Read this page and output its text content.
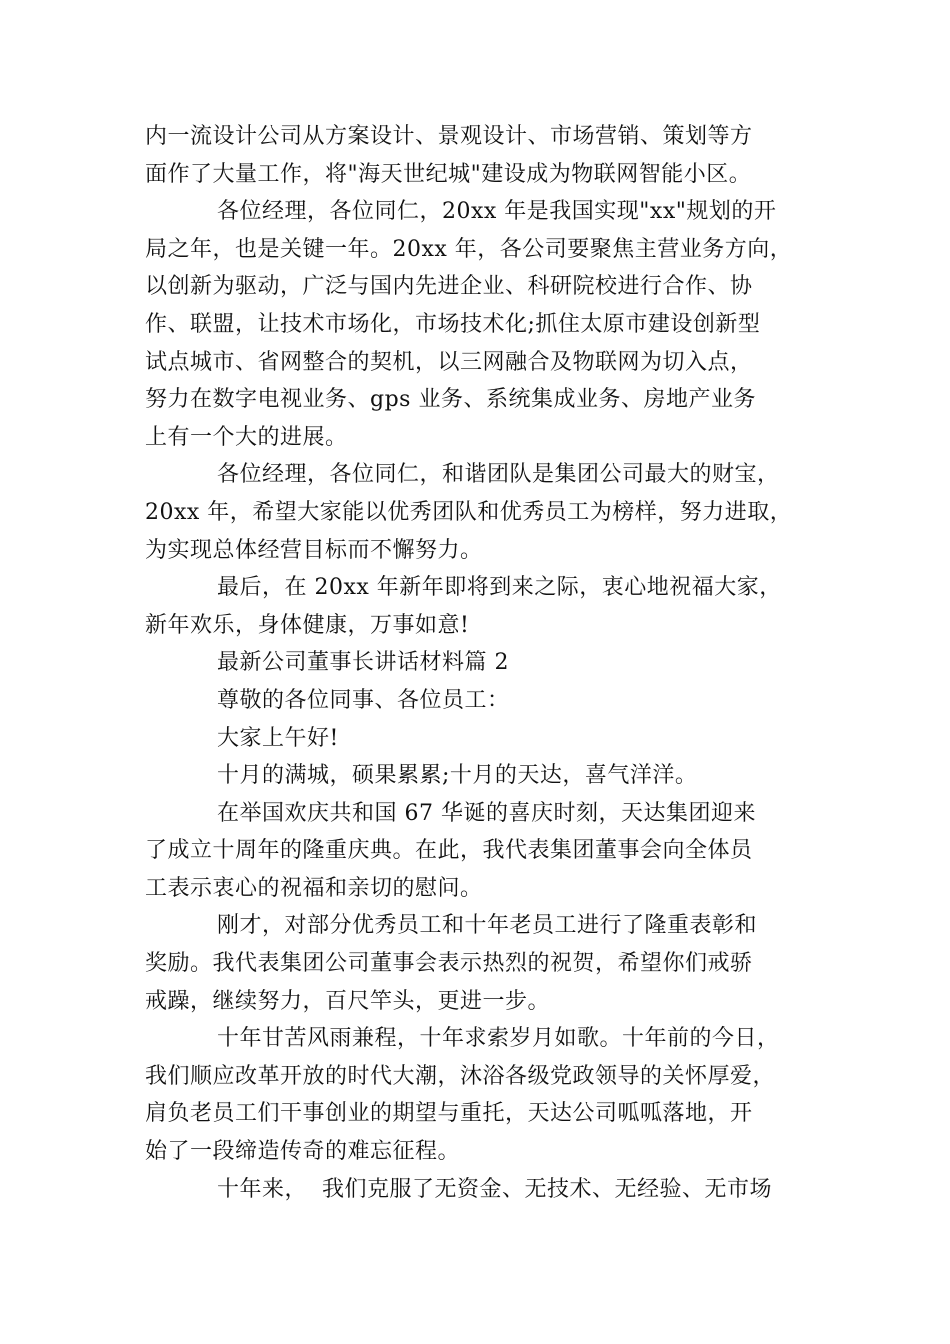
内一流设计公司从方案设计、景观设计、市场营销、策划等方
面作了大量工作，将"海天世纪城"建设成为物联网智能小区。
各位经理，各位同仁，20xx 年是我国实现"xx"规划的开
局之年，也是关键一年。20xx 年，各公司要聚焦主营业务方向，
以创新为驱动，广泛与国内先进企业、科研院校进行合作、协
作、联盟，让技术市场化，市场技术化;抓住太原市建设创新型
试点城市、省网整合的契机，以三网融合及物联网为切入点，
努力在数字电视业务、gps 业务、系统集成业务、房地产业务
上有一个大的进展。
各位经理，各位同仁，和谐团队是集团公司最大的财宝，
20xx 年，希望大家能以优秀团队和优秀员工为榜样，努力进取，
为实现总体经营目标而不懈努力。
最后，在 20xx 年新年即将到来之际，衷心地祝福大家，
新年欢乐，身体健康，万事如意!
最新公司董事长讲话材料篇 2
尊敬的各位同事、各位员工：
大家上午好!
十月的满城，硕果累累;十月的天达，喜气洋洋。
在举国欢庆共和国 67 华诞的喜庆时刻，天达集团迎来
了成立十周年的隆重庆典。在此，我代表集团董事会向全体员
工表示衷心的祝福和亲切的慰问。
刚才，对部分优秀员工和十年老员工进行了隆重表彰和
奖励。我代表集团公司董事会表示热烈的祝贺，希望你们戒骄
戒躁，继续努力，百尺竿头，更进一步。
十年甘苦风雨兼程，十年求索岁月如歌。十年前的今日，
我们顺应改革开放的时代大潮，沐浴各级党政领导的关怀厚爱，
肩负老员工们干事创业的期望与重托，天达公司呱呱落地，开
始了一段缔造传奇的难忘征程。
十年来，  我们克服了无资金、无技术、无经验、无市场
